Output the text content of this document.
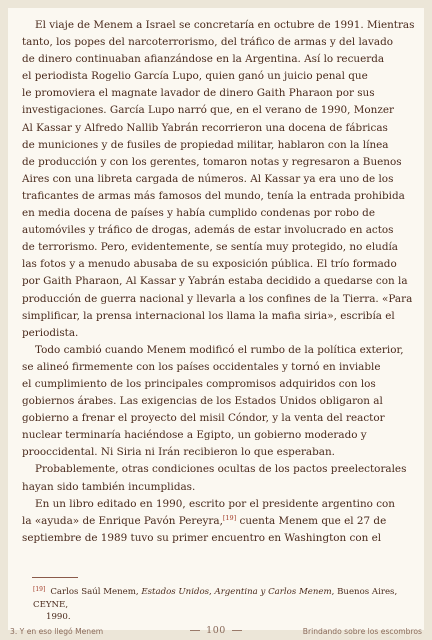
El viaje de Menem a Israel se concretaría en octubre de 1991. Mientras
tanto, los popes del narcoterrorismo, del tráfico de armas y del lavado
de dinero continuaban afianzándose en la Argentina. Así lo recuerda
el periodista Rogelio García Lupo, quien ganó un juicio penal que
le promoviera el magnate lavador de dinero Gaith Pharaon por sus
investigaciones. García Lupo narró que, en el verano de 1990, Monzer
Al Kassar y Alfredo Nallib Yabrán recorrieron una docena de fábricas
de municiones y de fusiles de propiedad militar, hablaron con la línea
de producción y con los gerentes, tomaron notas y regresaron a Buenos
Aires con una libreta cargada de números. Al Kassar ya era uno de los
traficantes de armas más famosos del mundo, tenía la entrada prohibida
en media docena de países y había cumplido condenas por robo de
automóviles y tráfico de drogas, además de estar involucrado en actos
de terrorismo. Pero, evidentemente, se sentía muy protegido, no eludía
las fotos y a menudo abusaba de su exposición pública. El trío formado
por Gaith Pharaon, Al Kassar y Yabrán estaba decidido a quedarse con la
producción de guerra nacional y llevarla a los confines de la Tierra. «Para
simplificar, la prensa internacional los llama la mafia siria», escribía el
periodista.

Todo cambió cuando Menem modificó el rumbo de la política exterior,
se alineó firmemente con los países occidentales y tornó en inviable
el cumplimiento de los principales compromisos adquiridos con los
gobiernos árabes. Las exigencias de los Estados Unidos obligaron al
gobierno a frenar el proyecto del misil Cóndor, y la venta del reactor
nuclear terminaría haciéndose a Egipto, un gobierno moderado y
prooccidental. Ni Siria ni Irán recibieron lo que esperaban.

Probablemente, otras condiciones ocultas de los pactos preelectorales
hayan sido también incumplidas.

En un libro editado en 1990, escrito por el presidente argentino con
la «ayuda» de Enrique Pavón Pereyra,[19] cuenta Menem que el 27 de
septiembre de 1989 tuvo su primer encuentro en Washington con el

[19] Carlos Saúl Menem, Estados Unidos, Argentina y Carlos Menem, Buenos Aires, CEYNE,
1990.
3. Y en eso llegó Menem	100	Brindando sobre los escombros
